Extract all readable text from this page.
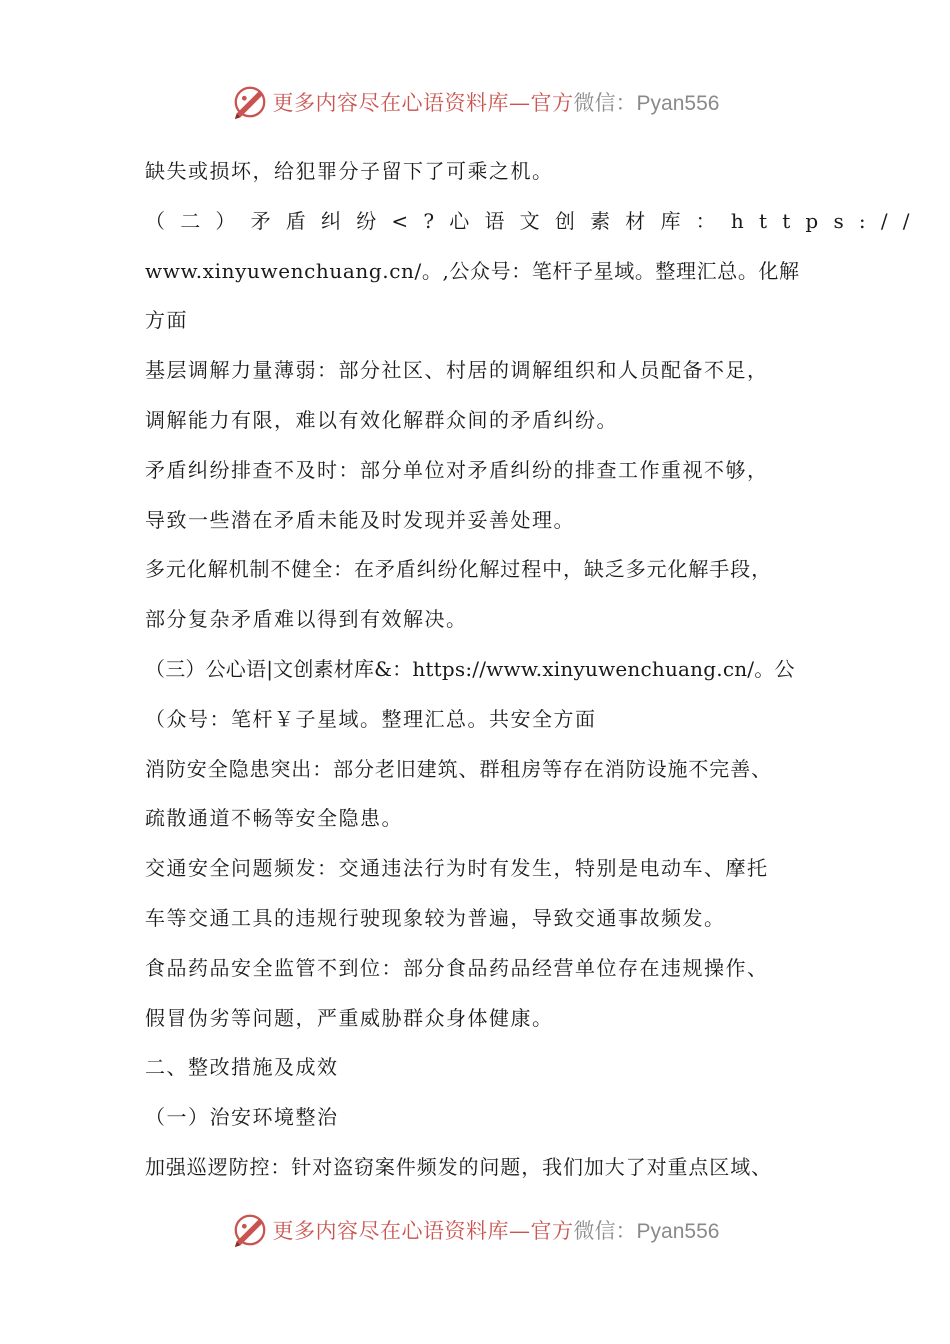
更多内容尽在心语资料库—官方微信：Pyan556
缺失或损坏，给犯罪分子留下了可乘之机。
（二）矛盾纠纷<?心语文创素材库：https://
www.xinyuwenchuang.cn/。,公众号：笔杆子星域。整理汇总。化解
方面
基层调解力量薄弱：部分社区、村居的调解组织和人员配备不足，
调解能力有限，难以有效化解群众间的矛盾纠纷。
矛盾纠纷排查不及时：部分单位对矛盾纠纷的排查工作重视不够，
导致一些潜在矛盾未能及时发现并妥善处理。
多元化解机制不健全：在矛盾纠纷化解过程中，缺乏多元化解手段，
部分复杂矛盾难以得到有效解决。
（三）公心语|文创素材库&：https://www.xinyuwenchuang.cn/。公
（众号：笔杆￥子星域。整理汇总。共安全方面
消防安全隐患突出：部分老旧建筑、群租房等存在消防设施不完善、
疏散通道不畅等安全隐患。
交通安全问题频发：交通违法行为时有发生，特别是电动车、摩托
车等交通工具的违规行驶现象较为普遍，导致交通事故频发。
食品药品安全监管不到位：部分食品药品经营单位存在违规操作、
假冒伪劣等问题，严重威胁群众身体健康。
二、整改措施及成效
（一）治安环境整治
加强巡逻防控：针对盗窃案件频发的问题，我们加大了对重点区域、
更多内容尽在心语资料库—官方微信：Pyan556
